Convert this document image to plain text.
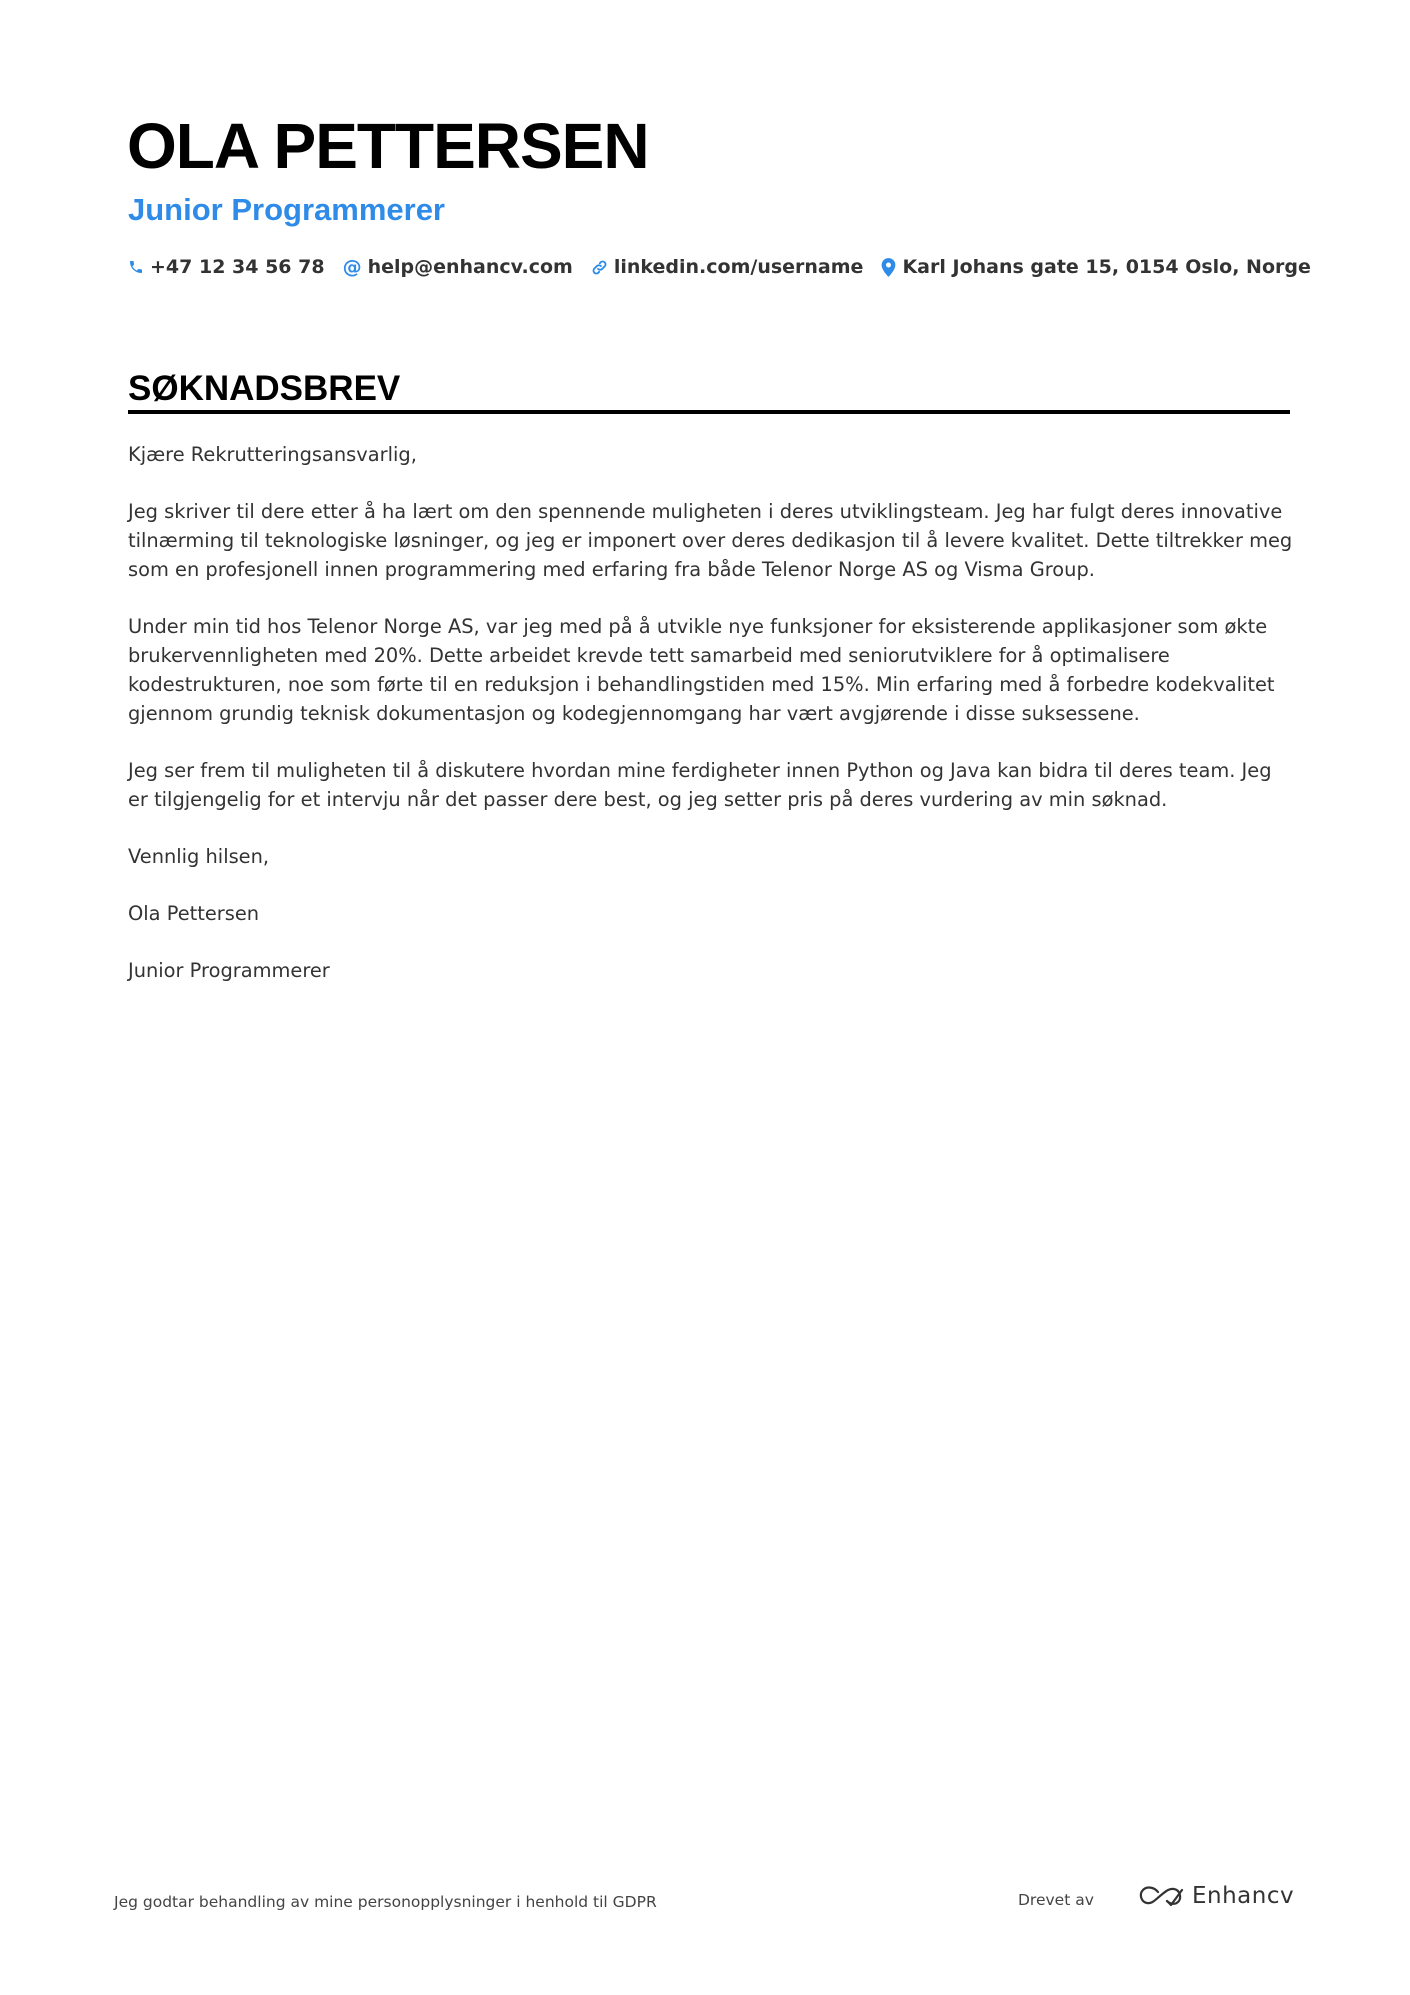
OLA PETTERSEN
Junior Programmerer
+47 12 34 56 78 @ help@enhancv.com linkedin.com/username Karl Johans gate 15, 0154 Oslo, Norge
SØKNADSBREV

Kjære Rekrutteringsansvarlig,

Jeg skriver til dere etter å ha lært om den spennende muligheten i deres utviklingsteam. Jeg har fulgt deres innovative tilnærming til teknologiske løsninger, og jeg er imponert over deres dedikasjon til å levere kvalitet. Dette tiltrekker meg som en profesjonell innen programmering med erfaring fra både Telenor Norge AS og Visma Group.

Under min tid hos Telenor Norge AS, var jeg med på å utvikle nye funksjoner for eksisterende applikasjoner som økte brukervennligheten med 20%. Dette arbeidet krevde tett samarbeid med seniorutviklere for å optimalisere kodestrukturen, noe som førte til en reduksjon i behandlingstiden med 15%. Min erfaring med å forbedre kodekvalitet gjennom grundig teknisk dokumentasjon og kodegjennomgang har vært avgjørende i disse suksessene.

Jeg ser frem til muligheten til å diskutere hvordan mine ferdigheter innen Python og Java kan bidra til deres team. Jeg er tilgjengelig for et intervju når det passer dere best, og jeg setter pris på deres vurdering av min søknad.

Vennlig hilsen,

Ola Pettersen

Junior Programmerer

Jeg godtar behandling av mine personopplysninger i henhold til GDPR	Drevet av	Enhancv
